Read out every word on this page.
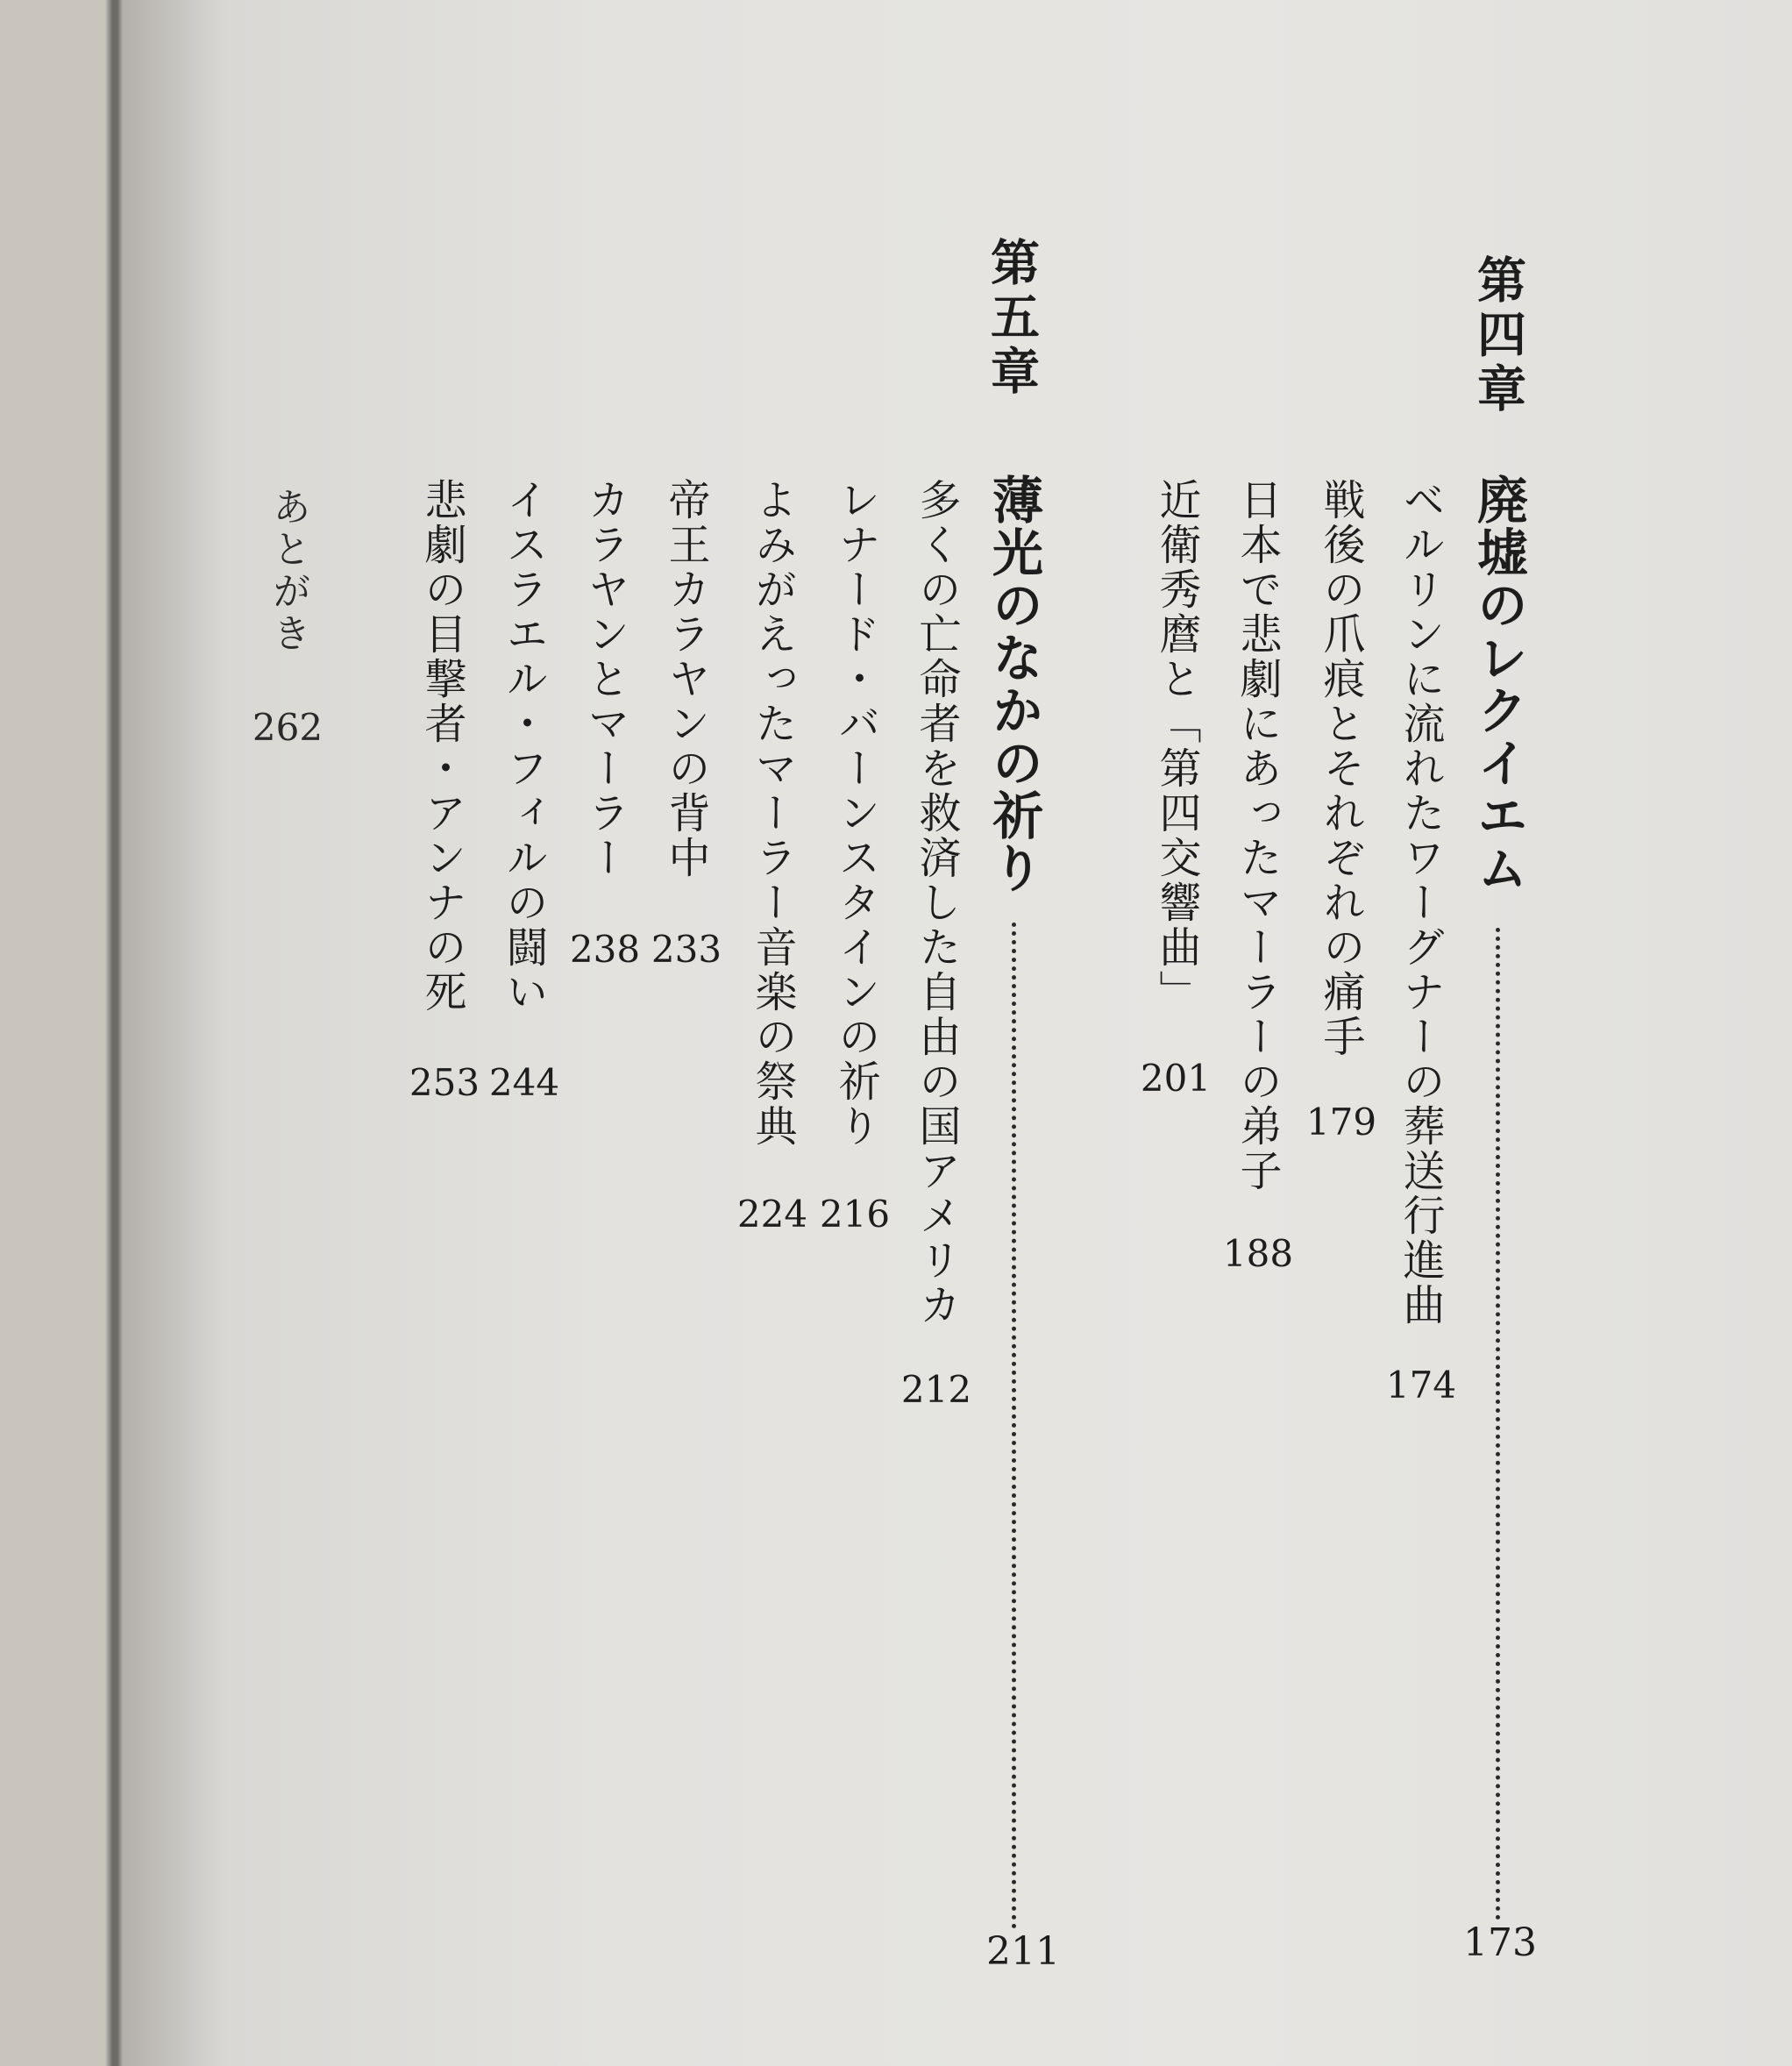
第四章
廃墟のレクイエム
173
ベルリンに流れたワーグナーの葬送行進曲
174
戦後の爪痕とそれぞれの痛手
179
日本で悲劇にあったマーラーの弟子
188
近衛秀麿と「第四交響曲」
201
第五章
薄光のなかの祈り
211
多くの亡命者を救済した自由の国アメリカ
212
レナード・バーンスタインの祈り
216
よみがえったマーラー音楽の祭典
224
帝王カラヤンの背中
233
カラヤンとマーラー
238
イスラエル・フィルの闘い
244
悲劇の目撃者・アンナの死
253
あとがき
262
